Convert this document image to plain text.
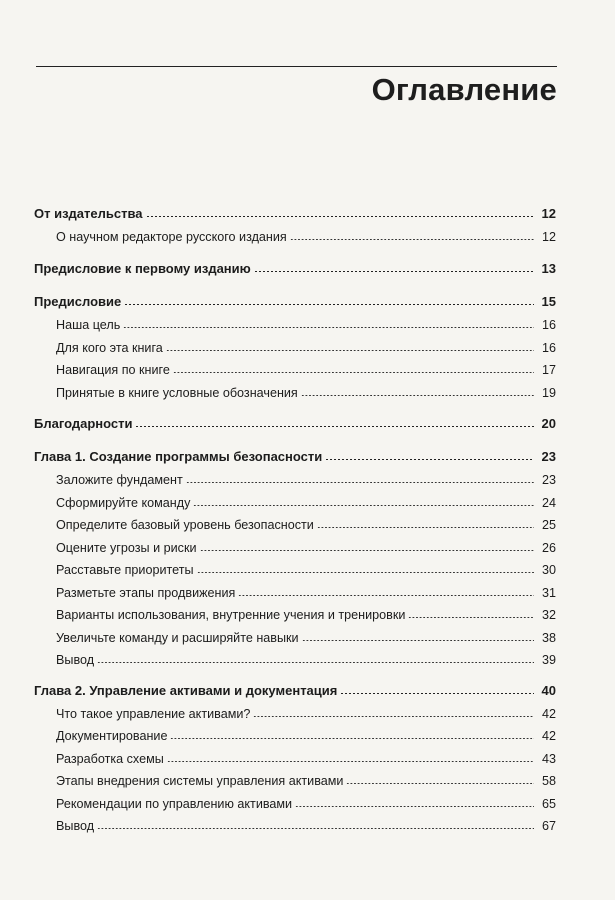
Оглавление
От издательства	12
О научном редакторе русского издания	12
Предисловие к первому изданию	13
Предисловие	15
Наша цель	16
Для кого эта книга	16
Навигация по книге	17
Принятые в книге условные обозначения	19
Благодарности	20
Глава 1. Создание программы безопасности	23
Заложите фундамент	23
Сформируйте команду	24
Определите базовый уровень безопасности	25
Оцените угрозы и риски	26
Расставьте приоритеты	30
Разметьте этапы продвижения	31
Варианты использования, внутренние учения и тренировки	32
Увеличьте команду и расширяйте навыки	38
Вывод	39
Глава 2. Управление активами и документация	40
Что такое управление активами?	42
Документирование	42
Разработка схемы	43
Этапы внедрения системы управления активами	58
Рекомендации по управлению активами	65
Вывод	67
